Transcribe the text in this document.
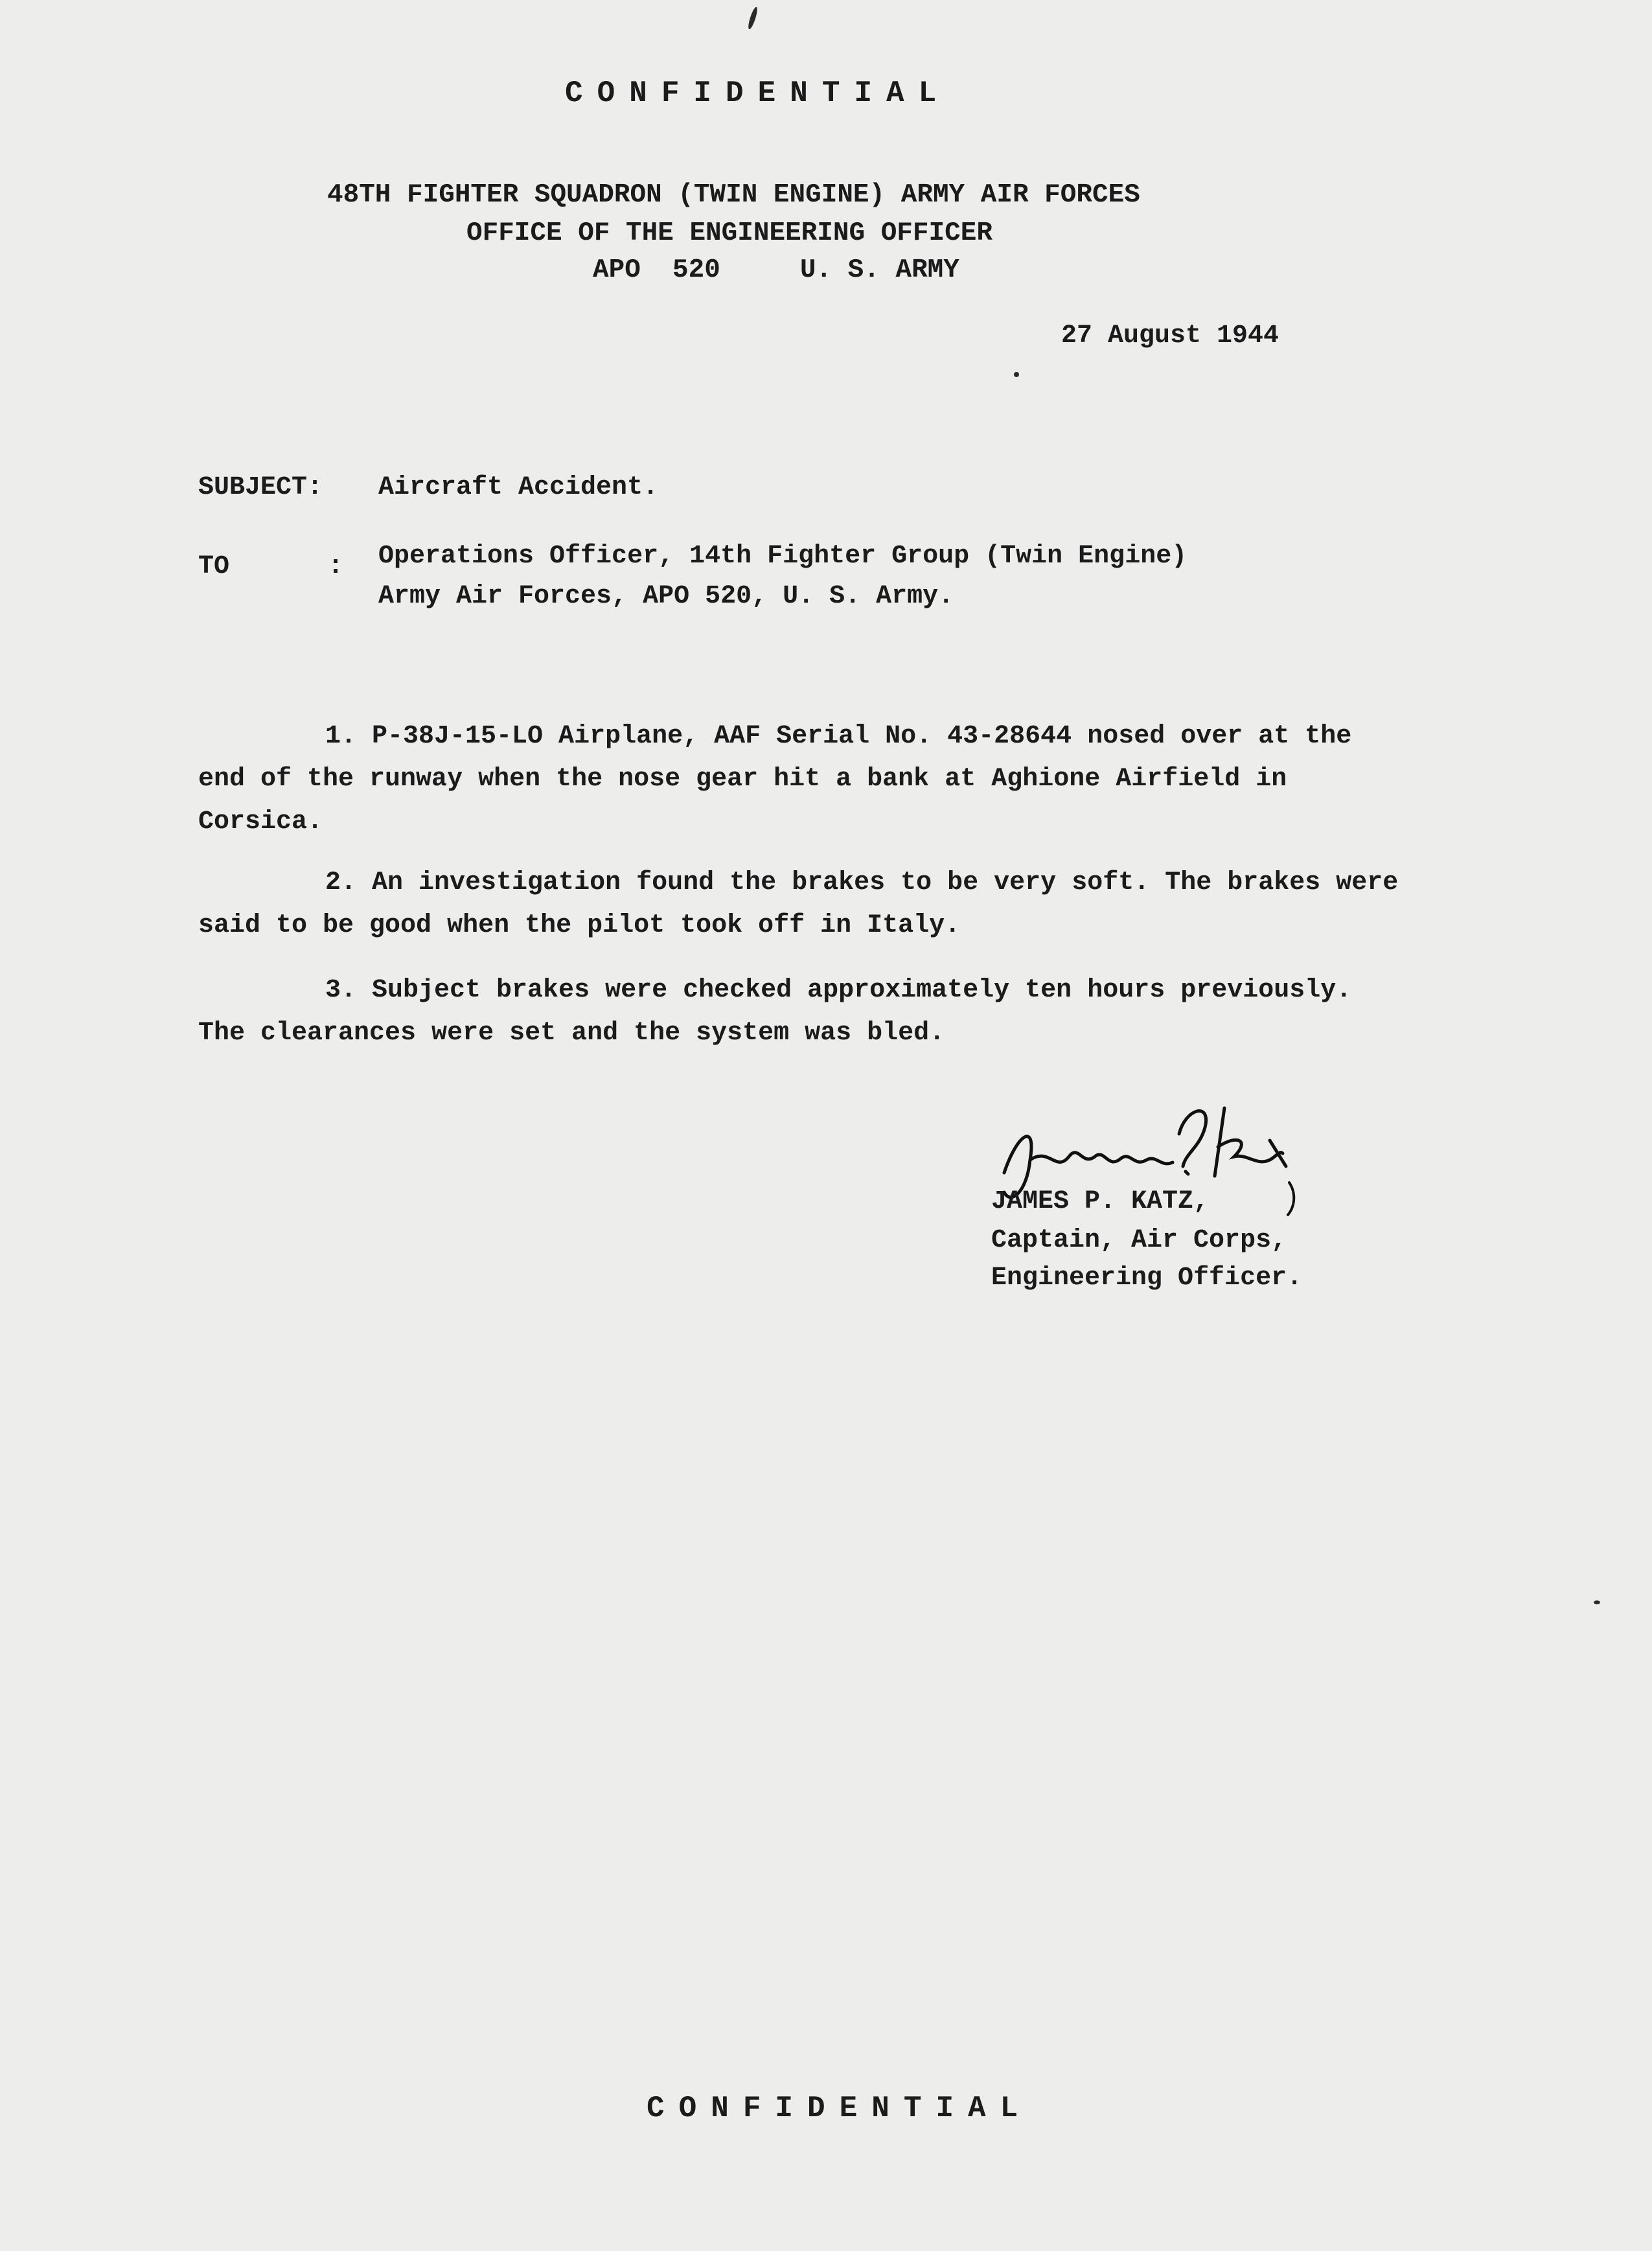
CONFIDENTIAL
48TH FIGHTER SQUADRON (TWIN ENGINE) ARMY AIR FORCES
OFFICE OF THE ENGINEERING OFFICER
APO  520     U. S. ARMY
27 August 1944
SUBJECT: Aircraft Accident.
TO	: Operations Officer, 14th Fighter Group (Twin Engine)
Army Air Forces, APO 520, U. S. Army.
1. P-38J-15-LO Airplane, AAF Serial No. 43-28644 nosed over at the end of the runway when the nose gear hit a bank at Aghione Airfield in Corsica.
2. An investigation found the brakes to be very soft. The brakes were said to be good when the pilot took off in Italy.
3. Subject brakes were checked approximately ten hours previously. The clearances were set and the system was bled.
JAMES P. KATZ,
Captain, Air Corps,
Engineering Officer.
CONFIDENTIAL
